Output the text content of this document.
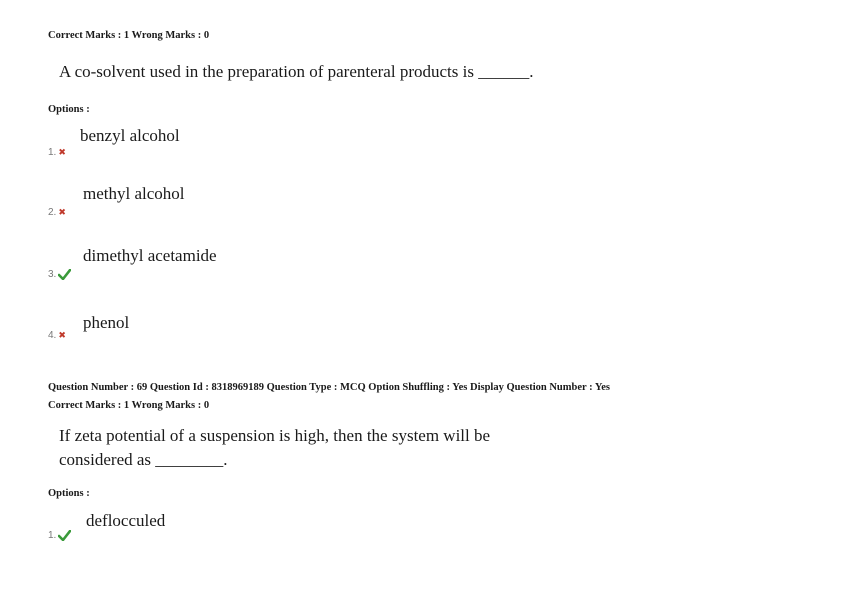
Correct Marks : 1 Wrong Marks : 0
A co-solvent used in the preparation of parenteral products is ______.
Options :
benzyl alcohol
1. ✖
methyl alcohol
2. ✖
dimethyl acetamide
3.
phenol
4. ✖
Question Number : 69 Question Id : 8318969189 Question Type : MCQ Option Shuffling : Yes Display Question Number : Yes
Correct Marks : 1 Wrong Marks : 0
If zeta potential of a suspension is high, then the system will be
considered as ________.
Options :
deflocculed
1.
